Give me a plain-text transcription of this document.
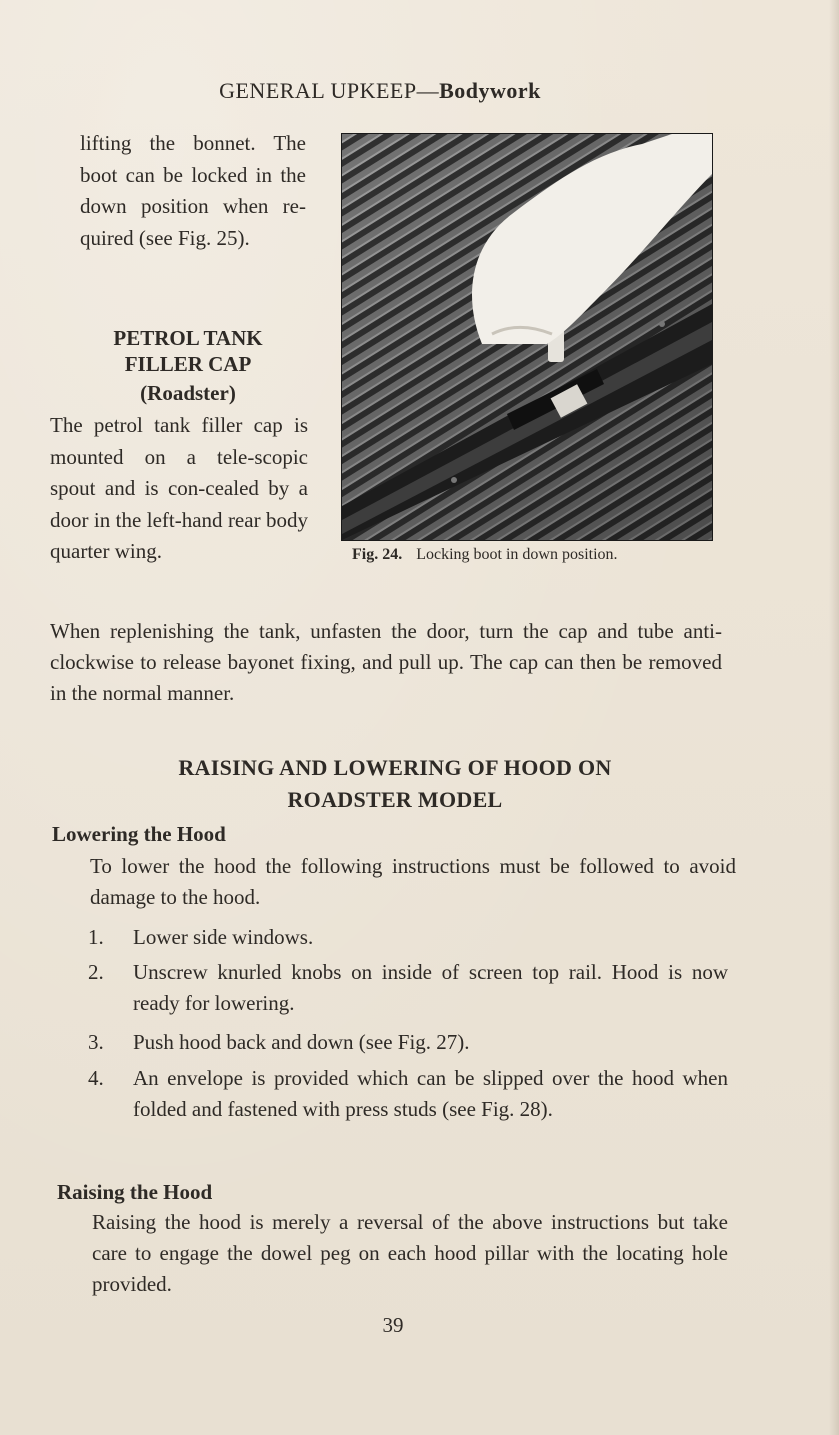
GENERAL UPKEEP—Bodywork
lifting the bonnet. The boot can be locked in the down position when re-quired (see Fig. 25).
PETROL TANK
FILLER CAP
(Roadster)
The petrol tank filler cap is mounted on a tele-scopic spout and is con-cealed by a door in the left-hand rear body quarter wing.	Fig. 24. Locking boot in down position.
When replenishing the tank, unfasten the door, turn the cap and tube anti-clockwise to release bayonet fixing, and pull up. The cap can then be removed in the normal manner.
RAISING AND LOWERING OF HOOD ON
ROADSTER MODEL
Lowering the Hood
To lower the hood the following instructions must be followed to avoid damage to the hood.
1.	Lower side windows.
2.	Unscrew knurled knobs on inside of screen top rail. Hood is now ready for lowering.
3.	Push hood back and down (see Fig. 27).
4.	An envelope is provided which can be slipped over the hood when folded and fastened with press studs (see Fig. 28).
Raising the Hood
Raising the hood is merely a reversal of the above instructions but take care to engage the dowel peg on each hood pillar with the locating hole provided.
39
